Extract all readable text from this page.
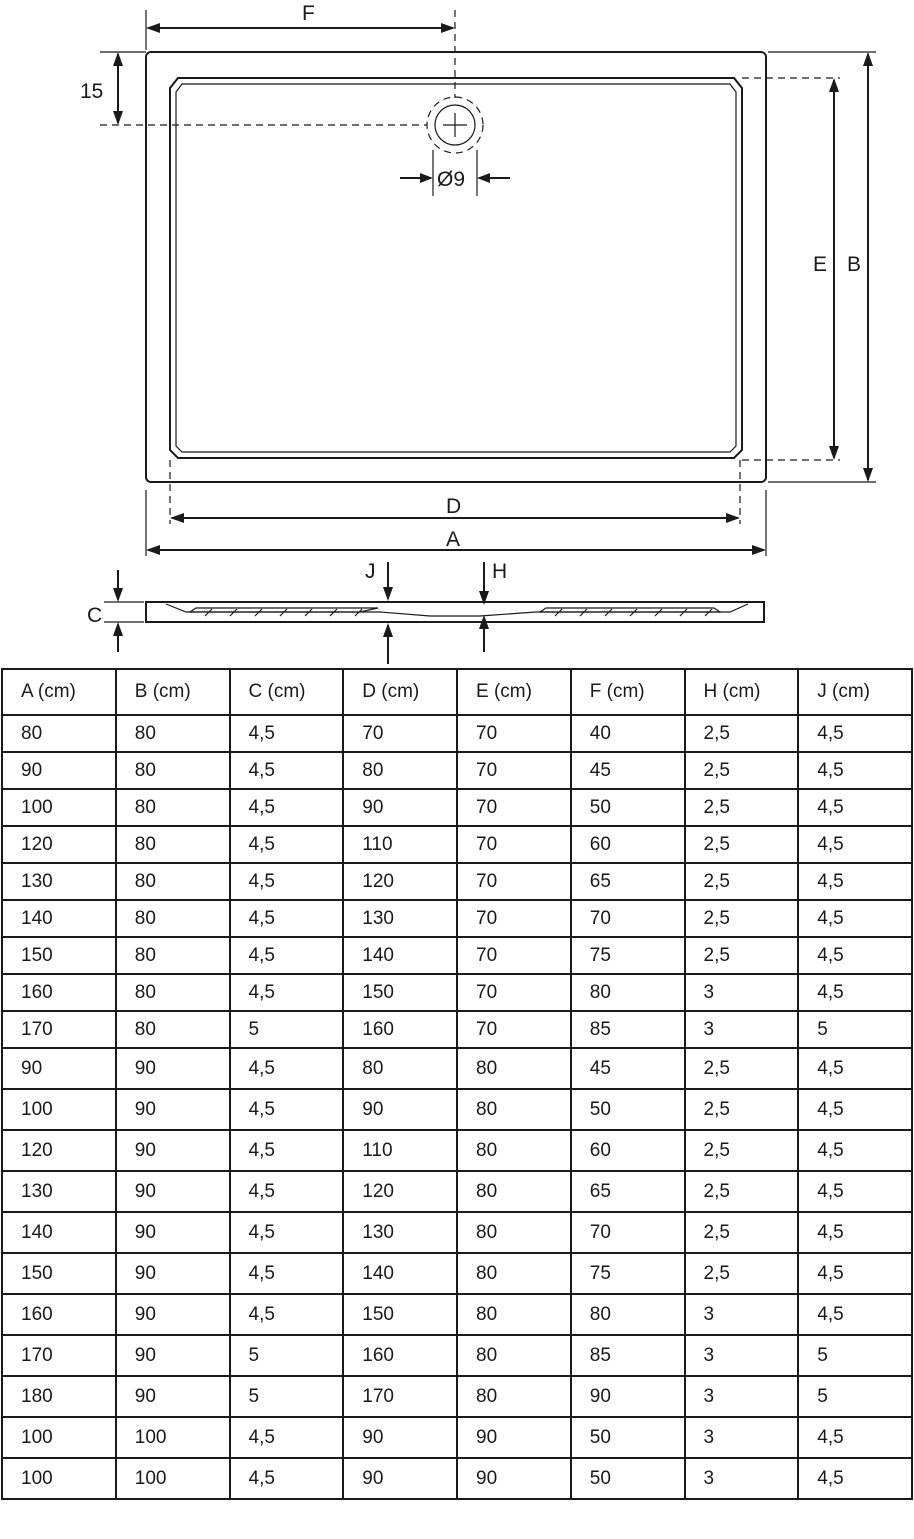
Ø9
F
15
E B
D
A
J	H
C
A (cm)	B (cm)	C (cm)	D (cm)	E (cm)	F (cm)	H (cm)	J (cm)
80	80	4,5	70	70	40	2,5	4,5
90	80	4,5	80	70	45	2,5	4,5
100	80	4,5	90	70	50	2,5	4,5
120	80	4,5	110	70	60	2,5	4,5
130	80	4,5	120	70	65	2,5	4,5
140	80	4,5	130	70	70	2,5	4,5
150	80	4,5	140	70	75	2,5	4,5
160	80	4,5	150	70	80	3	4,5
170	80	5	160	70	85	3	5
90	90	4,5	80	80	45	2,5	4,5
100	90	4,5	90	80	50	2,5	4,5
120	90	4,5	110	80	60	2,5	4,5
130	90	4,5	120	80	65	2,5	4,5
140	90	4,5	130	80	70	2,5	4,5
150	90	4,5	140	80	75	2,5	4,5
160	90	4,5	150	80	80	3	4,5
170	90	5	160	80	85	3	5
180	90	5	170	80	90	3	5
100	100	4,5	90	90	50	3	4,5
100	100	4,5	90	90	50	3	4,5
